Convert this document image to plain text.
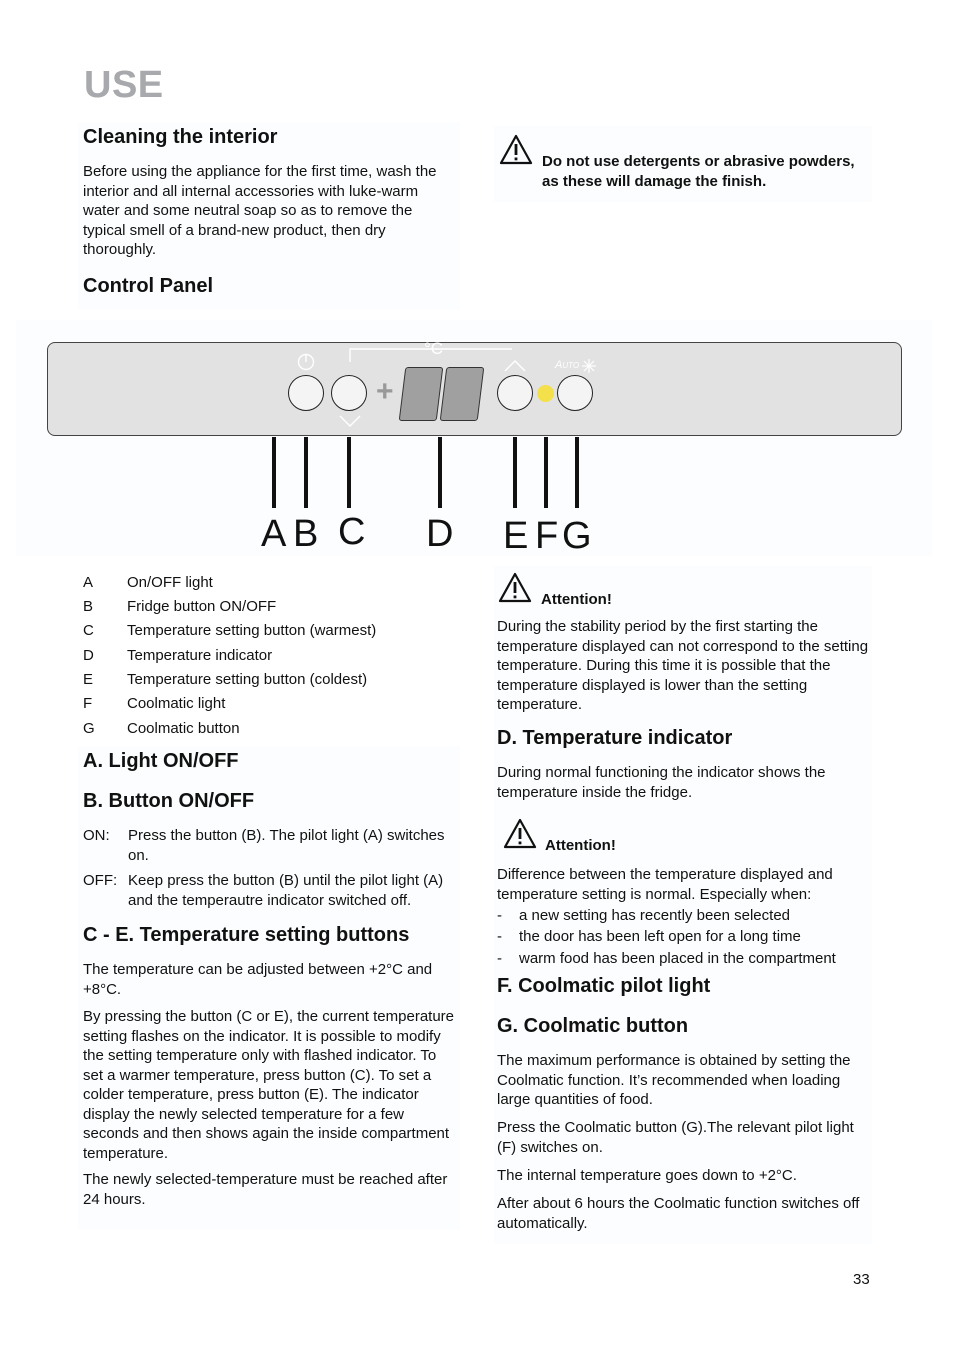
USE
Cleaning the interior

Before using the appliance for the first time, wash the interior and all internal accessories with luke-warm water and some neutral soap so as to remove the typical smell of a brand-new product, then dry thoroughly.

Do not use detergents or abrasive powders, as these will damage the finish.

Control Panel
°C
Auto
+
A B C D E F G
A	On/OFF light
B	Fridge button ON/OFF
C	Temperature setting button (warmest)
D	Temperature indicator
E	Temperature setting button (coldest)
F	Coolmatic light
G	Coolmatic button
A. Light ON/OFF
B. Button ON/OFF
ON: Press the button (B). The pilot light (A) switches on.
OFF: Keep press the button (B) until the pilot light (A) and the temperautre indicator switched off.
C - E. Temperature setting buttons

The temperature can be adjusted between +2°C and +8°C.

By pressing the button (C or E), the current temperature setting flashes on the indicator. It is possible to modify the setting temperature only with flashed indicator. To set a warmer temperature, press button (C). To set a colder temperature, press button (E). The indicator display the newly selected temperature for a few seconds and then shows again the inside compartment temperature.

The newly selected-temperature must be reached after 24 hours.

Attention!

During the stability period by the first starting the temperature displayed can not correspond to the setting temperature. During this time it is possible that the temperature displayed is lower than the setting temperature.

D. Temperature indicator

During normal functioning the indicator shows the temperature inside the fridge.

Attention!

Difference between the temperature displayed and temperature setting is normal. Especially when:

- a new setting has recently been selected
- the door has been left open for a long time
- warm food has been placed in the compartment
F. Coolmatic pilot light
G. Coolmatic button

The maximum performance is obtained by setting the Coolmatic function. It’s recommended when loading large quantities of food.

Press the Coolmatic button (G).The relevant pilot light (F) switches on.

The internal temperature goes down to +2°C.

After about 6 hours the Coolmatic function switches off automatically.

33
